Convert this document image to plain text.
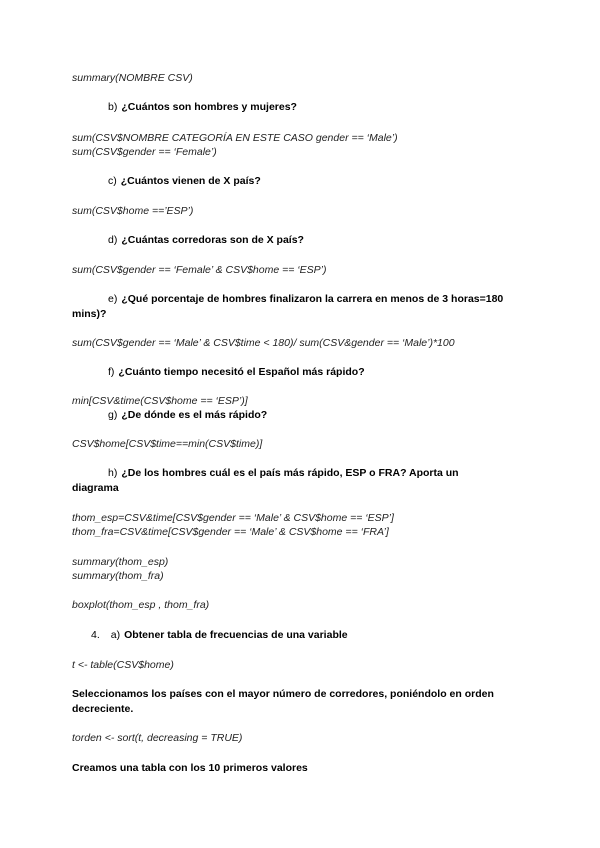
summary(NOMBRE CSV)
b) ¿Cuántos son hombres y mujeres?
sum(CSV$NOMBRE CATEGORÍA EN ESTE CASO gender == ‘Male’)
sum(CSV$gender == ‘Female’)
c) ¿Cuántos vienen de X país?
sum(CSV$home ==’ESP’)
d) ¿Cuántas corredoras son de X país?
sum(CSV$gender == ‘Female’ & CSV$home == ‘ESP’)
e) ¿Qué porcentaje de hombres finalizaron la carrera en menos de 3 horas=180
mins)?
sum(CSV$gender == ‘Male’ & CSV$time < 180)/ sum(CSV&gender == ‘Male’)*100
f) ¿Cuánto tiempo necesitó el Español más rápido?
min[CSV&time(CSV$home == ‘ESP’)]
g) ¿De dónde es el más rápido?
CSV$home[CSV$time==min(CSV$time)]
h) ¿De los hombres cuál es el país más rápido, ESP o FRA? Aporta un
diagrama
thom_esp=CSV&time[CSV$gender == ‘Male’ & CSV$home == ‘ESP’]
thom_fra=CSV&time[CSV$gender == ‘Male’ & CSV$home == ‘FRA’]
summary(thom_esp)
summary(thom_fra)
boxplot(thom_esp , thom_fra)
4. a) Obtener tabla de frecuencias de una variable
t <- table(CSV$home)
Seleccionamos los países con el mayor número de corredores, poniéndolo en orden
decreciente.
torden <- sort(t, decreasing = TRUE)
Creamos una tabla con los 10 primeros valores
